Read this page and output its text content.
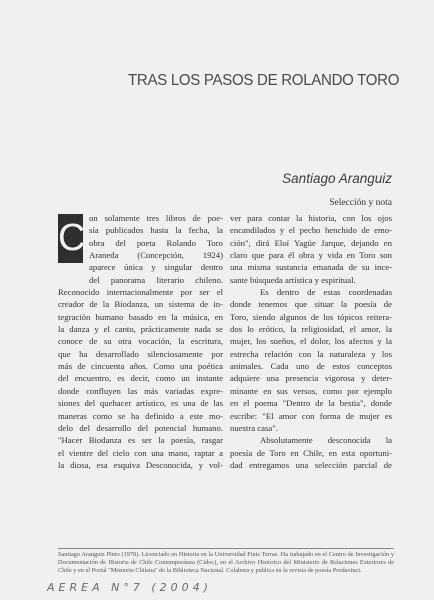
TRAS LOS PASOS DE ROLANDO TORO
Santiago Aranguiz
Selección y nota
C on solamente tres libros de poe-
sía publicados hasta la fecha, la
obra del poeta Rolando Toro
Araneda (Concepción, 1924)
aparece única y singular dentro
del panorama literario chileno.
Reconocido internacionalmente por ser el
creador de la Biodanza, un sistema de in-
tegración humano basado en la música, en
la danza y el canto, prácticamente nada se
conoce de su otra vocación, la escritura,
que ha desarrollado silenciosamente por
más de cincuenta años. Como una poética
del encuentro, es decir, como un instante
donde confluyen las más variadas expre-
siones del quehacer artístico, es una de las
maneras como se ha definido a este mo-
delo del desarrollo del potencial humano.
"Hacer Biodanza es ser la poesía, rasgar
el vientre del cielo con una mano, raptar a
la diosa, esa esquiva Desconocida, y vol-
ver para contar la historia, con los ojos
encandilados y el pecho henchido de emo-
ción", dirá Eloí Yagüe Jarque, dejando en
claro que para él obra y vida en Toro son
una misma sustancia emanada de su ince-
sante búsqueda artística y espiritual.
Es dentro de estas coordenadas
donde tenemos que situar la poesía de
Toro, siendo algunos de los tópicos reitera-
dos lo erótico, la religiosidad, el amor, la
mujer, los sueños, el dolor, los afectos y la
estrecha relación con la naturaleza y los
animales. Cada uno de estos conceptos
adquiere una presencia vigorosa y deter-
minante en sus versos, como por ejemplo
en el poema "Dentro de la bestia", donde
escribe: "El amor con forma de mujer es
nuestra casa".
Absolutamente desconocida la
poesía de Toro en Chile, en esta oportuni-
dad entregamos una selección parcial de
Santiago Aranguiz Pinto (1978). Licenciado en Historia en la Universidad Finis Terrae. Ha trabajado en el Centro de Investigación y Documentación de Historia de Chile Contemporánea (Cidoc), en el Archivo Histórico del Ministerio de Relaciones Exteriores de Chile y en el Portal "Memoria Chilena" de la Biblioteca Nacional. Colabora y publica en la revista de poesía Prodavinci.
AEREA N°7 (2004)
